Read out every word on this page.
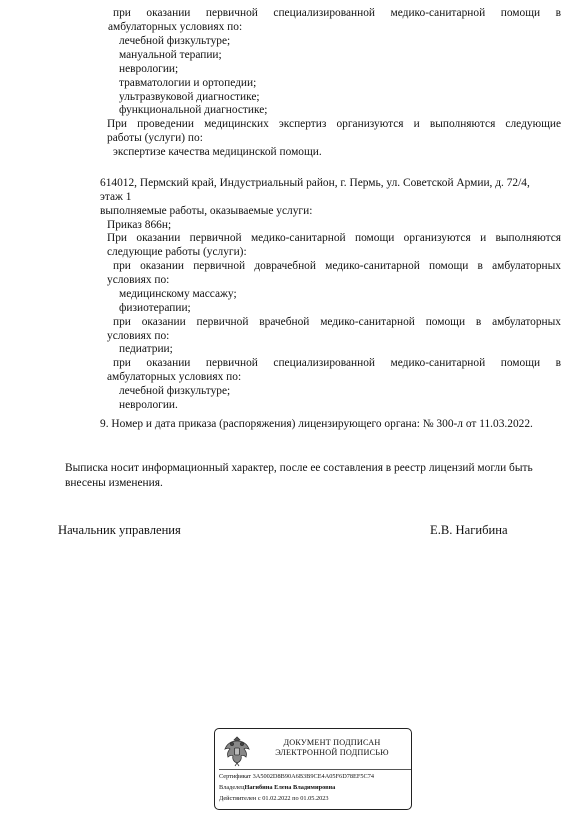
при оказании первичной специализированной медико-санитарной помощи в
амбулаторных условиях по:
лечебной физкультуре;
мануальной терапии;
неврологии;
травматологии и ортопедии;
ультразвуковой диагностике;
функциональной диагностике;
При проведении медицинских экспертиз организуются и выполняются следующие
работы (услуги) по:
экспертизе качества медицинской помощи.
614012, Пермский край, Индустриальный район, г. Пермь, ул. Советской Армии, д. 72/4,
этаж 1
выполняемые работы, оказываемые услуги:
Приказ 866н;
При оказании первичной медико-санитарной помощи организуются и выполняются
следующие работы (услуги):
при оказании первичной доврачебной медико-санитарной помощи в амбулаторных
условиях по:
медицинскому массажу;
физиотерапии;
при оказании первичной врачебной медико-санитарной помощи в амбулаторных
условиях по:
педиатрии;
при оказании первичной специализированной медико-санитарной помощи в
амбулаторных условиях по:
лечебной физкультуре;
неврологии.
9. Номер и дата приказа (распоряжения) лицензирующего органа: № 300-л от 11.03.2022.
Выписка носит информационный характер, после ее составления в реестр лицензий могли быть
внесены изменения.
Начальник управления	Е.В. Нагибина
ДОКУМЕНТ ПОДПИСАН
ЭЛЕКТРОННОЙ ПОДПИСЬЮ
Сертификат 3A5002D8B90A6B3B9CE4A05F6D78EF5C74
ВладелецНагибина Елена Владимировна
Действителен с 01.02.2022 по 01.05.2023
